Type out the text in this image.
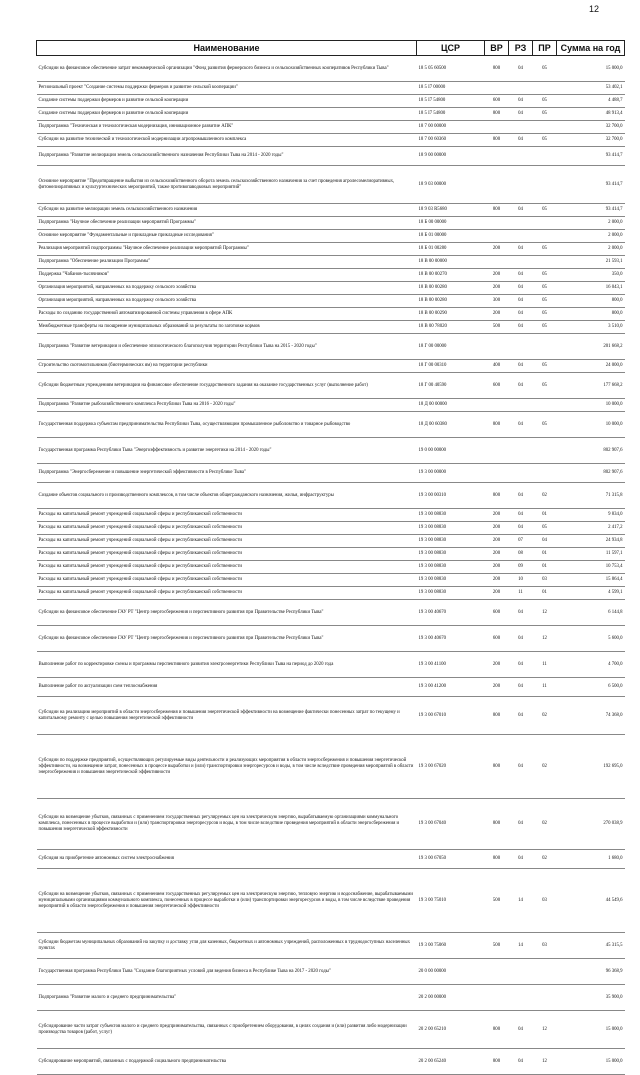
12
Наименование	ЦСР	ВР	РЗ	ПР	Сумма на год
Субсидии на финансовое обеспечение затрат некоммерческой организации "Фонд развития фермерского бизнеса и сельскохозяйственных кооперативов Республики Тыва"	18 5 05 60500	800	04	05	15 000,0
Региональный проект "Создание системы поддержки фермеров и развитие сельской кооперации"	18 5 I7 00000				53 402,1
Создание системы поддержки фермеров и развитие сельской кооперации	18 5 I7 54800	600	04	05	4 488,7
Создание системы поддержки фермеров и развитие сельской кооперации	18 5 I7 54800	800	04	05	48 913,4
Подпрограмма "Техническая и технологическая модернизация, инновационное развитие АПК"	18 7 00 00000				32 700,0
Субсидии на развитие технической и технологической модернизации агропромышленного комплекса	18 7 00 60360	800	04	05	32 700,0
Подпрограмма "Развитие мелиорации земель сельскохозяйственного назначения Республики Тыва на 2014 - 2020 годы"	18 9 00 00000				93 414,7
Основное мероприятие "Предотвращение выбытия из сельскохозяйственного оборота земель сельскохозяйственного назначения за счет проведения агролесомелиоративных, фитомелиоративных и культуртехнических мероприятий, также противопаводковых мероприятий"	18 9 03 00000				93 414,7
Субсидии на развитие мелиорации земель сельскохозяйственного назначения	18 9 03 R5680	800	04	05	93 414,7
Подпрограмма "Научное обеспечение реализации мероприятий Программы"	18 Б 00 00000				2 000,0
Основное мероприятие "Фундаментальные и прикладные прикладные исследования"	18 Б 01 00000				2 000,0
Реализация мероприятий подпрограммы "Научное обеспечение реализации мероприятий Программы"	18 Б 01 00280	200	04	05	2 000,0
Подпрограмма "Обеспечение реализации Программы"	18 В 00 00000				21 593,1
Поддержка "Чабанов-тысячников"	18 В 00 00270	200	04	05	350,0
Организация мероприятий, направленных на поддержку сельского хозяйства	18 В 00 00280	200	04	05	16 043,1
Организация мероприятий, направленных на поддержку сельского хозяйства	18 В 00 00280	300	04	05	800,0
Расходы по созданию государственной автоматизированной системы управления в сфере АПК	18 В 00 00290	200	04	05	800,0
Межбюджетные трансферты на поощрение муниципальных образований за результаты по заготовке кормов	18 В 00 78020	500	04	05	3 510,0
Подпрограмма "Развитие ветеринарии и обеспечение эпизоотического благополучия территории Республики Тыва на 2015 - 2020 годы"	18 Г 00 00000				201 668,2
Строительство скотомогильников (биотермических ям) на территории республики	18 Г 00 00310	400	04	05	24 000,0
Субсидии бюджетным учреждениям ветеринарии на финансовое обеспечение государственного задания на оказание государственных услуг (выполнение работ)	18 Г 00 40590	600	04	05	177 668,2
Подпрограмма "Развитие рыбохозяйственного комплекса Республики Тыва на 2016 - 2020 годы"	18 Д 00 00000				10 000,0
Государственная поддержка субъектам предпринимательства Республики Тыва, осуществляющим промышленное рыболовство и товарное рыбоводство	18 Д 00 60380	800	04	05	10 000,0
Государственная программа Республики Тыва "Энергоэффективность и развитие энергетики на 2014 - 2020 годы"	19 0 00 00000				802 907,6
Подпрограмма "Энергосбережение и повышение энергетической эффективности в Республике Тыва"	19 3 00 00000				802 907,6
Создание объектов социального и производственного комплексов, в том числе объектов общегражданского назначения, жилья, инфраструктуры	19 3 00 00310	800	04	02	71 315,8
Расходы на капитальный ремонт учреждений социальной сферы и республиканской собственности	19 3 00 08830	200	04	01	9 834,0
Расходы на капитальный ремонт учреждений социальной сферы и республиканской собственности	19 3 00 08830	200	04	05	2 417,2
Расходы на капитальный ремонт учреждений социальной сферы и республиканской собственности	19 3 00 08830	200	07	04	24 934,8
Расходы на капитальный ремонт учреждений социальной сферы и республиканской собственности	19 3 00 08830	200	08	01	11 597,1
Расходы на капитальный ремонт учреждений социальной сферы и республиканской собственности	19 3 00 08830	200	09	01	10 753,4
Расходы на капитальный ремонт учреждений социальной сферы и республиканской собственности	19 3 00 08830	200	10	03	15 864,4
Расходы на капитальный ремонт учреждений социальной сферы и республиканской собственности	19 3 00 08830	200	11	01	4 599,1
Субсидии на финансовое обеспечение ГАУ РТ "Центр энергосбережения и перспективного развития при Правительстве Республики Тыва"	19 3 00 40670	600	04	12	6 144,8
Субсидии на финансовое обеспечение ГАУ РТ "Центр энергосбережения и перспективного развития при Правительстве Республики Тыва"	19 3 00 40670	600	04	12	5 600,0
Выполнение работ по корректировке схемы и программы перспективного развития электроэнергетики Республики Тыва на период до 2020 года	19 3 00 41100	200	04	11	4 700,0
Выполнение работ по актуализации схем теплоснабжения	19 3 00 41200	200	04	11	6 500,0
Субсидии на реализацию мероприятий в области энергосбережения и повышения энергетической эффективности на возмещение фактически понесенных затрат по текущему и капитальному ремонту с целью повышения энергетической эффективности	19 3 00 67010	800	04	02	74 368,0
Субсидии по поддержке предприятий, осуществляющих регулируемые виды деятельности и реализующих мероприятия в области энергосбережения и повышения энергетической эффективности, на возмещение затрат, понесенных в процессе выработки и (или) транспортировки энергоресурсов и воды, в том числе вследствие проведения мероприятий в области энергосбережения и повышения энергетической эффективности	19 3 00 67020	800	04	02	192 695,0
Субсидии на возмещение убытков, связанных с применением государственных регулируемых цен на электрическую энергию, вырабатываемую организациями коммунального комплекса, понесенных в процессе выработки и (или) транспортировки энергоресурсов и воды, в том числе вследствие проведения мероприятий в области энергосбережения и повышения энергетической эффективности	19 3 00 67040	800	04	02	270 038,9
Субсидия на приобретение автономных систем электроснабжения	19 3 00 67050	800	04	02	1 680,0
Субсидии на возмещение убытков, связанных с применением государственных регулируемых цен на электрическую энергию, тепловую энергию и водоснабжение, вырабатываемыми муниципальными организациями коммунального комплекса, понесенных в процессе выработки и (или) транспортировки энергоресурсов и воды, в том числе вследствие проведения мероприятий в области энергосбережения и повышения энергетической эффективности	19 3 00 75010	500	14	03	44 549,6
Субсидии бюджетам муниципальных образований на закупку и доставку угля для казенных, бюджетных и автономных учреждений, расположенных в труднодоступных населенных пунктах	19 3 00 75060	500	14	03	45 315,5
Государственная программа Республики Тыва "Создание благоприятных условий для ведения бизнеса в Республике Тыва на 2017 - 2020 годы"	20 0 00 00000				96 368,9
Подпрограмма "Развитие малого и среднего предпринимательства"	20 2 00 00000				35 900,0
Субсидирование части затрат субъектов малого и среднего предпринимательства, связанных с приобретением оборудования, в целях создания и (или) развития либо модернизации производства товаров (работ, услуг)	20 2 00 65210	800	04	12	15 000,0
Субсидирование мероприятий, связанных с поддержкой социального предпринимательства	20 2 00 65240	800	04	12	15 000,0
